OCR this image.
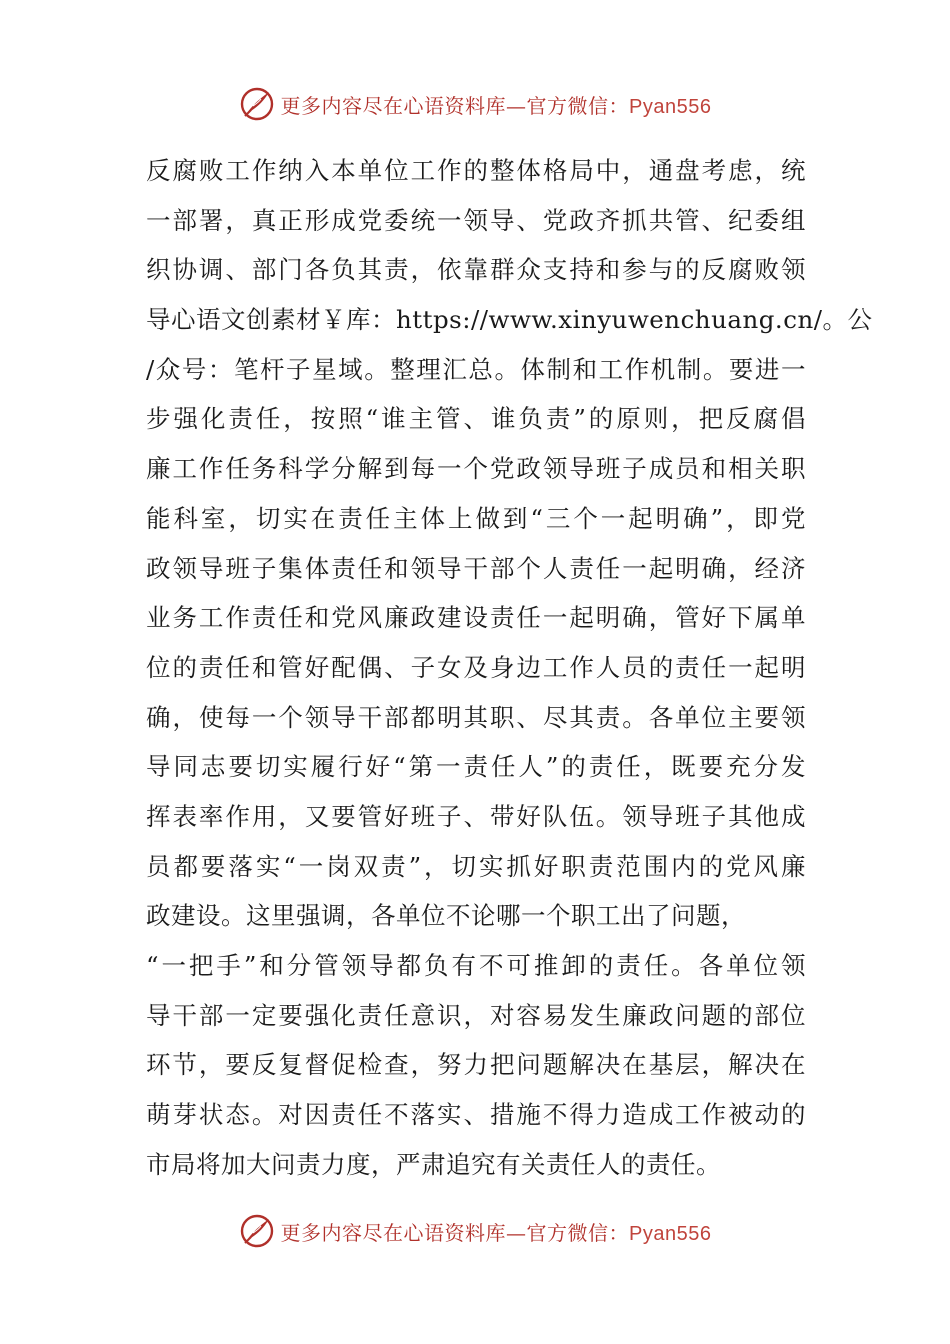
更多内容尽在心语资料库—官方微信：Pyan556
反腐败工作纳入本单位工作的整体格局中，通盘考虑，统
一部署，真正形成党委统一领导、党政齐抓共管、纪委组
织协调、部门各负其责，依靠群众支持和参与的反腐败领
导心语文创素材￥库：https://www.xinyuwenchuang.cn/。公
/众号：笔杆子星域。整理汇总。体制和工作机制。要进一
步强化责任，按照“谁主管、谁负责”的原则，把反腐倡
廉工作任务科学分解到每一个党政领导班子成员和相关职
能科室，切实在责任主体上做到“三个一起明确”，即党
政领导班子集体责任和领导干部个人责任一起明确，经济
业务工作责任和党风廉政建设责任一起明确，管好下属单
位的责任和管好配偶、子女及身边工作人员的责任一起明
确，使每一个领导干部都明其职、尽其责。各单位主要领
导同志要切实履行好“第一责任人”的责任，既要充分发
挥表率作用，又要管好班子、带好队伍。领导班子其他成
员都要落实“一岗双责”，切实抓好职责范围内的党风廉
政建设。这里强调，各单位不论哪一个职工出了问题，
“一把手”和分管领导都负有不可推卸的责任。各单位领
导干部一定要强化责任意识，对容易发生廉政问题的部位
环节，要反复督促检查，努力把问题解决在基层，解决在
萌芽状态。对因责任不落实、措施不得力造成工作被动的
市局将加大问责力度，严肃追究有关责任人的责任。
更多内容尽在心语资料库—官方微信：Pyan556
